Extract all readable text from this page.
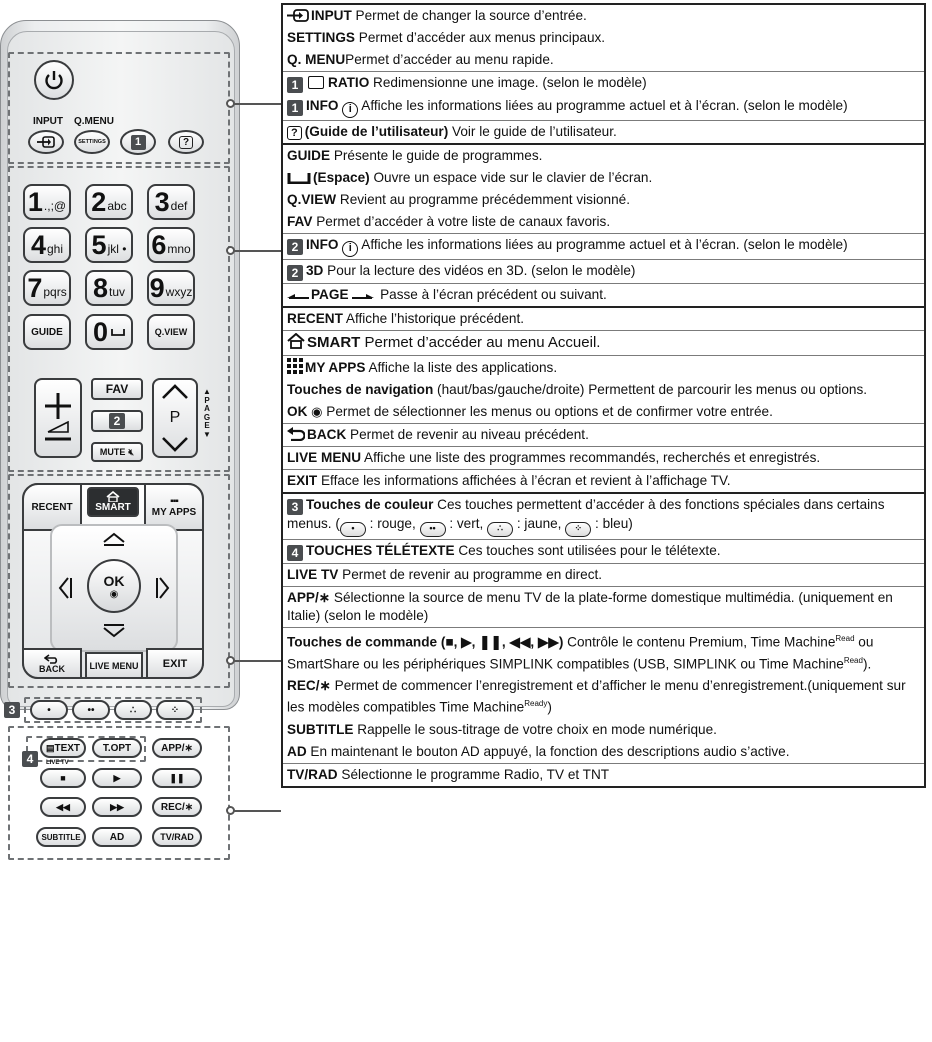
INPUT Q.MENU
SETTINGS	1	?
1 .,;@ 2 abc 3 def
4 ghi 5 jkl • 6 mno
7 pqrs 8 tuv 9 wxyz
GUIDE	0	Q.VIEW
FAV
2
MUTE 🔇︎
P
▲
P
A
G
E
▼
RECENT	SMART
▪▪▪
MY APPS
OK
◉
BACK	LIVE MENU	EXIT
3	•	••	∴	⁘
4
▤ TEXT	T.OPT	APP/∗
LIVE TV
■	▶	❚❚
◀◀	▶▶	REC/∗
SUBTITLE	AD	TV/RAD
INPUT Permet de changer la source d’entrée.
SETTINGS Permet d’accéder aux menus principaux.
Q. MENUPermet d’accéder au menu rapide.
1 RATIO Redimensionne une image. (selon le modèle)
1 INFO i Affiche les informations liées au programme actuel et à l’écran. (selon le modèle)
? (Guide de l’utilisateur) Voir le guide de l’utilisateur.
GUIDE Présente le guide de programmes.
(Espace) Ouvre un espace vide sur le clavier de l’écran.
Q.VIEW Revient au programme précédemment visionné.
FAV Permet d’accéder à votre liste de canaux favoris.
2 INFO i Affiche les informations liées au programme actuel et à l’écran. (selon le modèle)
2 3D Pour la lecture des vidéos en 3D. (selon le modèle)
PAGE  Passe à l’écran précédent ou suivant.
RECENT Affiche l’historique précédent.
SMART Permet d’accéder au menu Accueil.
MY APPS Affiche la liste des applications.
Touches de navigation (haut/bas/gauche/droite) Permettent de parcourir les menus ou options.
OK ◉ Permet de sélectionner les menus ou options et de confirmer votre entrée.
BACK Permet de revenir au niveau précédent.
LIVE MENU Affiche une liste des programmes recommandés, recherchés et enregistrés.
EXIT Efface les informations affichées à l’écran et revient à l’affichage TV.
3 Touches de couleur Ces touches permettent d’accéder à des fonctions spéciales dans certains menus. ( • : rouge, •• : vert, ∴ : jaune, ⁘ : bleu)
4 TOUCHES TÉLÉTEXTE Ces touches sont utilisées pour le télétexte.
LIVE TV Permet de revenir au programme en direct.
APP/∗ Sélectionne la source de menu TV de la plate-forme domestique multimédia. (uniquement en Italie) (selon le modèle)
Touches de commande (■, ▶, ❚❚, ◀◀, ▶▶) Contrôle le contenu Premium, Time Machine$^{Read}$ ou SmartShare ou les périphériques SIMPLINK compatibles (USB, SIMPLINK ou Time Machine$^{Read}$).
REC/∗ Permet de commencer l’enregistrement et d’afficher le menu d’enregistrement.(uniquement sur les modèles compatibles Time Machine$^{Ready}$)
SUBTITLE Rappelle le sous-titrage de votre choix en mode numérique.
AD En maintenant le bouton AD appuyé, la fonction des descriptions audio s’active.
TV/RAD Sélectionne le programme Radio, TV et TNT
